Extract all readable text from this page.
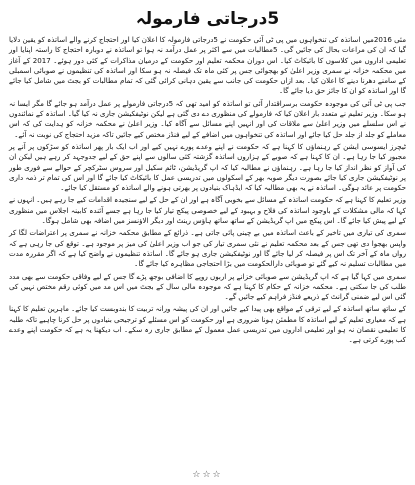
5درجاتی فارمولہ

مئی 2016میں اساتذہ کی تنخواہوں میں پی ٹی آئی حکومت نے 5درجاتی فارمولہ کا اعلان کیا اور احتجاج کرنے والے اساتذہ کو یقین دلایا گیا کہ ان کی مراعات بحال کی جائیں گی۔ 5مطالبات میں سے اکثر پر عمل درآمد نہ ہوا تو اساتذہ نے دوبارہ احتجاج کا راستہ اپنایا اور تعلیمی اداروں میں کلاسوں کا بائیکاٹ کیا۔ اس دوران محکمہ تعلیم اور حکومت کے درمیان مذاکرات کے کئی دور ہوئے۔ 2017 کے آغاز میں محکمہ خزانہ نے سمری وزیر اعلیٰ کو بھجوائی جس پر کئی ماہ تک فیصلہ نہ ہو سکا اور اساتذہ کی تنظیموں نے صوبائی اسمبلی کے سامنے دھرنا دینے کا اعلان کیا۔ بعد ازاں حکومت کی جانب سے یقین دہانی کرائی گئی کہ تمام مطالبات کو بجٹ میں شامل کیا جائے گا اور اساتذہ کو ان کا جائز حق دیا جائے گا۔

جب پی ٹی آئی کی موجودہ حکومت برسراقتدار آئی تو اساتذہ کو امید تھی کہ 5درجاتی فارمولے پر عمل درآمد ہو جائے گا مگر ایسا نہ ہو سکا۔ وزیر تعلیم نے متعدد بار اعلان کیا کہ فارمولے کی منظوری دے دی گئی ہے لیکن نوٹیفکیشن جاری نہ کیا گیا۔ اساتذہ کے نمائندوں نے اس سلسلے میں وزیر اعلیٰ سے ملاقات کی اور انہیں اپنے مسائل سے آگاہ کیا۔ وزیر اعلیٰ نے محکمہ خزانہ کو ہدایت کی کہ اس معاملے کو جلد از جلد حل کیا جائے اور اساتذہ کی تنخواہوں میں اضافے کے لیے فنڈز مختص کیے جائیں تاکہ مزید احتجاج کی نوبت نہ آئے۔

ٹیچرز ایسوسی ایشن کے رہنماؤں کا کہنا ہے کہ حکومت نے اپنے وعدے پورے نہیں کیے اور اب ایک بار پھر اساتذہ کو سڑکوں پر آنے پر مجبور کیا جا رہا ہے۔ ان کا کہنا ہے کہ صوبے کے ہزاروں اساتذہ گزشتہ کئی سالوں سے اپنے حق کے لیے جدوجہد کر رہے ہیں لیکن ان کی آواز کو نظر انداز کیا جا رہا ہے۔ رہنماؤں نے مطالبہ کیا کہ اپ گریڈیشن، ٹائم سکیل اور سروس سٹرکچر کے حوالے سے فوری طور پر نوٹیفکیشن جاری کیا جائے بصورت دیگر صوبہ بھر کے اسکولوں میں تدریسی عمل کا بائیکاٹ کیا جائے گا اور اس کی تمام تر ذمہ داری حکومت پر عائد ہوگی۔ اساتذہ نے یہ بھی مطالبہ کیا کہ ایڈہاک بنیادوں پر بھرتی ہونے والے اساتذہ کو مستقل کیا جائے۔

وزیر تعلیم کا کہنا ہے کہ حکومت اساتذہ کے مسائل سے بخوبی آگاہ ہے اور ان کے حل کے لیے سنجیدہ اقدامات کیے جا رہے ہیں۔ انہوں نے کہا کہ مالی مشکلات کے باوجود اساتذہ کی فلاح و بہبود کے لیے خصوصی پیکج تیار کیا جا رہا ہے جسے آئندہ کابینہ اجلاس میں منظوری کے لیے پیش کیا جائے گا۔ اس پیکج میں اپ گریڈیشن کے ساتھ ساتھ ہاؤس رینٹ اور دیگر الاؤنسز میں اضافہ بھی شامل ہوگا۔

سمری کی تیاری میں تاخیر کے باعث اساتذہ میں بے چینی پائی جاتی ہے۔ ذرائع کے مطابق محکمہ خزانہ نے سمری پر اعتراضات لگا کر واپس بھجوا دی تھی جس کے بعد محکمہ تعلیم نے نئی سمری تیار کی جو اب وزیر اعلیٰ کی میز پر موجود ہے۔ توقع کی جا رہی ہے کہ رواں ماہ کے آخر تک اس پر فیصلہ کر لیا جائے گا اور نوٹیفکیشن جاری ہو جائے گا۔ اساتذہ تنظیموں نے واضح کیا ہے کہ اگر مقررہ مدت میں مطالبات تسلیم نہ کیے گئے تو صوبائی دارالحکومت میں بڑا احتجاجی مظاہرہ کیا جائے گا۔

سمری میں کہا گیا ہے کہ اپ گریڈیشن سے صوبائی خزانے پر اربوں روپے کا اضافی بوجھ پڑے گا جس کے لیے وفاقی حکومت سے بھی مدد طلب کی جا سکتی ہے۔ محکمہ خزانہ کے حکام کا کہنا ہے کہ موجودہ مالی سال کے بجٹ میں اس مد میں کوئی رقم مختص نہیں کی گئی اس لیے ضمنی گرانٹ کے ذریعے فنڈز فراہم کیے جائیں گے۔

کے ساتھ ساتھ اساتذہ کے لیے ترقی کے مواقع بھی پیدا کیے جائیں اور ان کی پیشہ ورانہ تربیت کا بندوبست کیا جائے۔ ماہرین تعلیم کا کہنا ہے کہ معیاری تعلیم کے لیے اساتذہ کا مطمئن ہونا ضروری ہے اور حکومت کو اس مسئلے کو ترجیحی بنیادوں پر حل کرنا چاہیے تاکہ طلبہ کا تعلیمی نقصان نہ ہو اور تعلیمی اداروں میں تدریسی عمل معمول کے مطابق جاری رہ سکے۔ اب دیکھنا یہ ہے کہ حکومت اپنے وعدے کب پورے کرتی ہے۔

☆☆☆
